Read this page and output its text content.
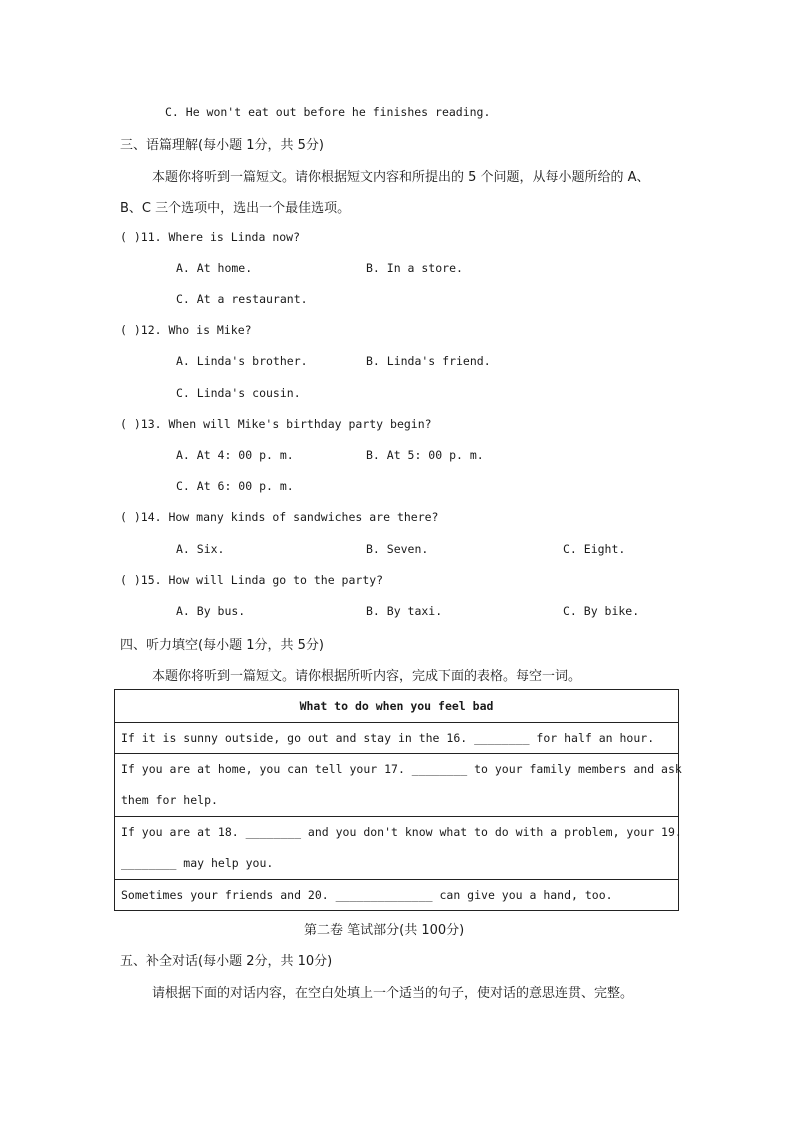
C. He won't eat out before he finishes reading.
三、语篇理解(每小题 1分，共 5分)
本题你将听到一篇短文。请你根据短文内容和所提出的 5 个问题，从每小题所给的 A、
B、C 三个选项中，选出一个最佳选项。
( )11. Where is Linda now?
A. At home.	B. In a store.
C. At a restaurant.
( )12. Who is Mike?
A. Linda's brother.	B. Linda's friend.
C. Linda's cousin.
( )13. When will Mike's birthday party begin?
A. At 4: 00 p. m.	B. At 5: 00 p. m.
C. At 6: 00 p. m.
( )14. How many kinds of sandwiches are there?
A. Six.	B. Seven.	C. Eight.
( )15. How will Linda go to the party?
A. By bus.	B. By taxi.	C. By bike.
四、听力填空(每小题 1分，共 5分)
本题你将听到一篇短文。请你根据所听内容，完成下面的表格。每空一词。
What to do when you feel bad
If it is sunny outside, go out and stay in the 16. ________ for half an hour.
If you are at home, you can tell your 17. ________ to your family members and ask
them for help.
If you are at 18. ________ and you don't know what to do with a problem, your 19.
________ may help you.
Sometimes your friends and 20. ______________ can give you a hand, too.
第二卷 笔试部分(共 100分)
五、补全对话(每小题 2分，共 10分)
请根据下面的对话内容，在空白处填上一个适当的句子，使对话的意思连贯、完整。
